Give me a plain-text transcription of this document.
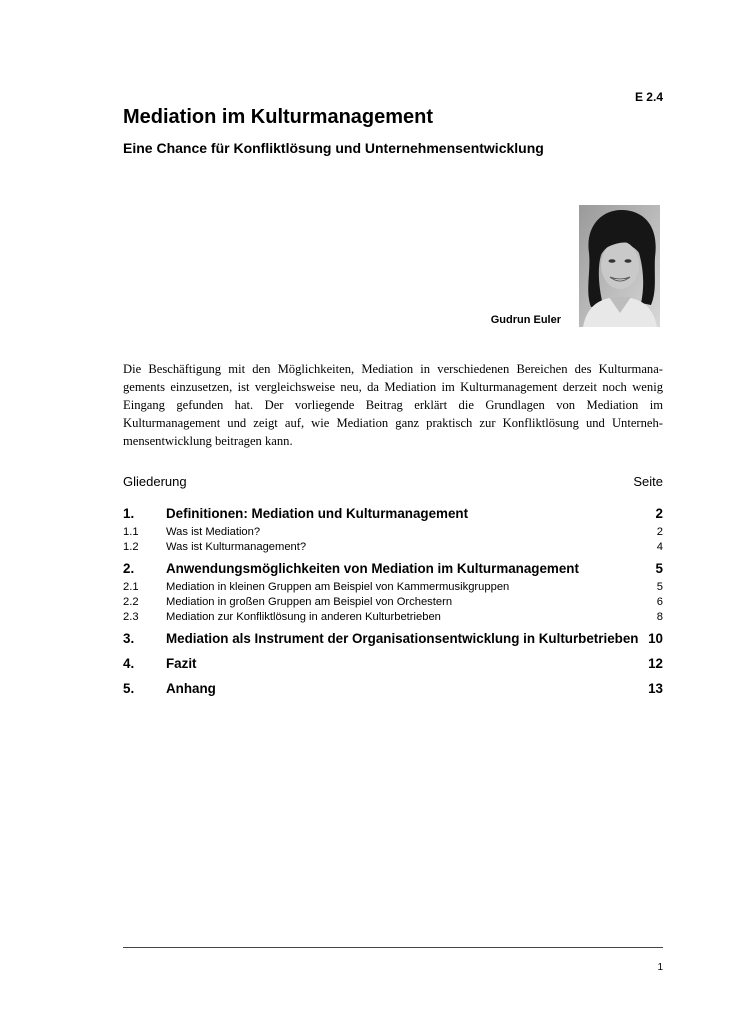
E 2.4
Mediation im Kulturmanagement
Eine Chance für Konfliktlösung und Unternehmensentwicklung
Gudrun Euler

Die Beschäftigung mit den Möglichkeiten, Mediation in verschiedenen Bereichen des Kulturmana-gements einzusetzen, ist vergleichsweise neu, da Mediation im Kulturmanagement derzeit noch wenig Eingang gefunden hat. Der vorliegende Beitrag erklärt die Grundlagen von Mediation im Kulturmanagement und zeigt auf, wie Mediation ganz praktisch zur Konfliktlösung und Unterneh-mensentwicklung beitragen kann.

Gliederung	Seite
1.	Definitionen: Mediation und Kulturmanagement	2
1.1	Was ist Mediation?	2
1.2	Was ist Kulturmanagement?	4
2.	Anwendungsmöglichkeiten von Mediation im Kulturmanagement	5
2.1	Mediation in kleinen Gruppen am Beispiel von Kammermusikgruppen	5
2.2	Mediation in großen Gruppen am Beispiel von Orchestern	6
2.3	Mediation zur Konfliktlösung in anderen Kulturbetrieben	8
3.	Mediation als Instrument der Organisationsentwicklung in Kulturbetrieben 10
4.	Fazit	12
5.	Anhang	13
1
